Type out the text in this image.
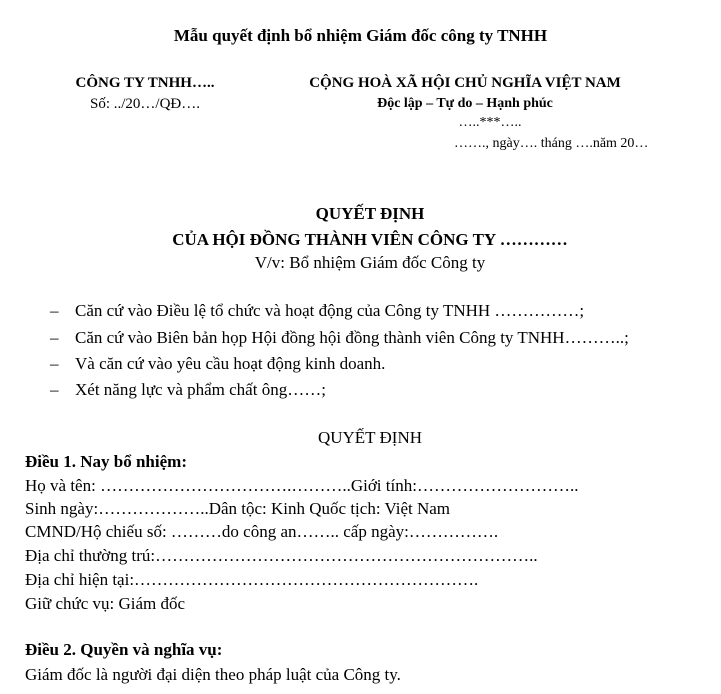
Mẫu quyết định bổ nhiệm Giám đốc công ty TNHH
CÔNG TY TNHH…..
Số: ../20…/QĐ….
CỘNG HOÀ XÃ HỘI CHỦ NGHĨA VIỆT NAM
Độc lập – Tự do – Hạnh phúc
…..***…..
……., ngày…. tháng ….năm 20…
QUYẾT ĐỊNH
CỦA HỘI ĐỒNG THÀNH VIÊN CÔNG TY …………
V/v: Bổ nhiệm Giám đốc Công ty
– Căn cứ vào Điều lệ tổ chức và hoạt động của Công ty TNHH ……………;
– Căn cứ vào Biên bản họp Hội đồng hội đồng thành viên Công ty TNHH………..;
– Và căn cứ vào yêu cầu hoạt động kinh doanh.
– Xét năng lực và phẩm chất ông……;
QUYẾT ĐỊNH
Điều 1. Nay bổ nhiệm:
Họ và tên: …………………………….………..Giới tính:………………………..
Sinh ngày:………………..Dân tộc: Kinh Quốc tịch: Việt Nam
CMND/Hộ chiếu số: ………do công an…….. cấp ngày:…………….
Địa chỉ thường trú:…………………………………………………………..
Địa chỉ hiện tại:…………………………………………………….
Giữ chức vụ: Giám đốc
Điều 2. Quyền và nghĩa vụ:
Giám đốc là người đại diện theo pháp luật của Công ty.
